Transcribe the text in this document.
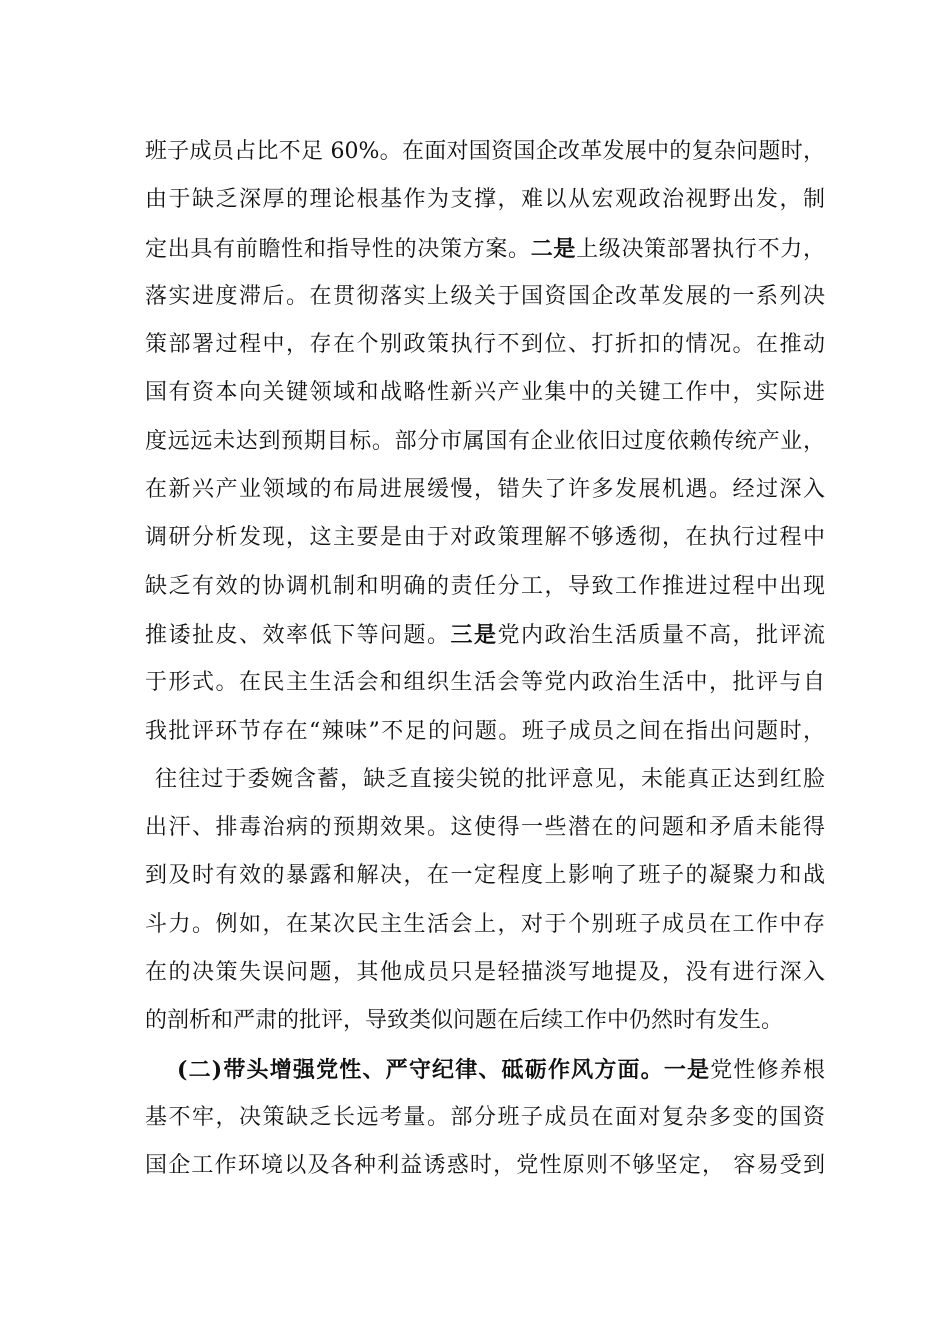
班子成员占比不足 60%。在面对国资国企改革发展中的复杂问题时，
由于缺乏深厚的理论根基作为支撑，难以从宏观政治视野出发，制
定出具有前瞻性和指导性的决策方案。二是上级决策部署执行不力，
落实进度滞后。在贯彻落实上级关于国资国企改革发展的一系列决
策部署过程中，存在个别政策执行不到位、打折扣的情况。在推动
国有资本向关键领域和战略性新兴产业集中的关键工作中，实际进
度远远未达到预期目标。部分市属国有企业依旧过度依赖传统产业，
在新兴产业领域的布局进展缓慢，错失了许多发展机遇。经过深入
调研分析发现，这主要是由于对政策理解不够透彻，在执行过程中
缺乏有效的协调机制和明确的责任分工，导致工作推进过程中出现
推诿扯皮、效率低下等问题。三是党内政治生活质量不高，批评流
于形式。在民主生活会和组织生活会等党内政治生活中，批评与自
我批评环节存在“辣味”不足的问题。班子成员之间在指出问题时，
往往过于委婉含蓄，缺乏直接尖锐的批评意见，未能真正达到红脸
出汗、排毒治病的预期效果。这使得一些潜在的问题和矛盾未能得
到及时有效的暴露和解决，在一定程度上影响了班子的凝聚力和战
斗力。例如，在某次民主生活会上，对于个别班子成员在工作中存
在的决策失误问题，其他成员只是轻描淡写地提及，没有进行深入
的剖析和严肃的批评，导致类似问题在后续工作中仍然时有发生。
(二)带头增强党性、严守纪律、砥砺作风方面。一是党性修养根
基不牢，决策缺乏长远考量。部分班子成员在面对复杂多变的国资
国企工作环境以及各种利益诱惑时，党性原则不够坚定， 容易受到
